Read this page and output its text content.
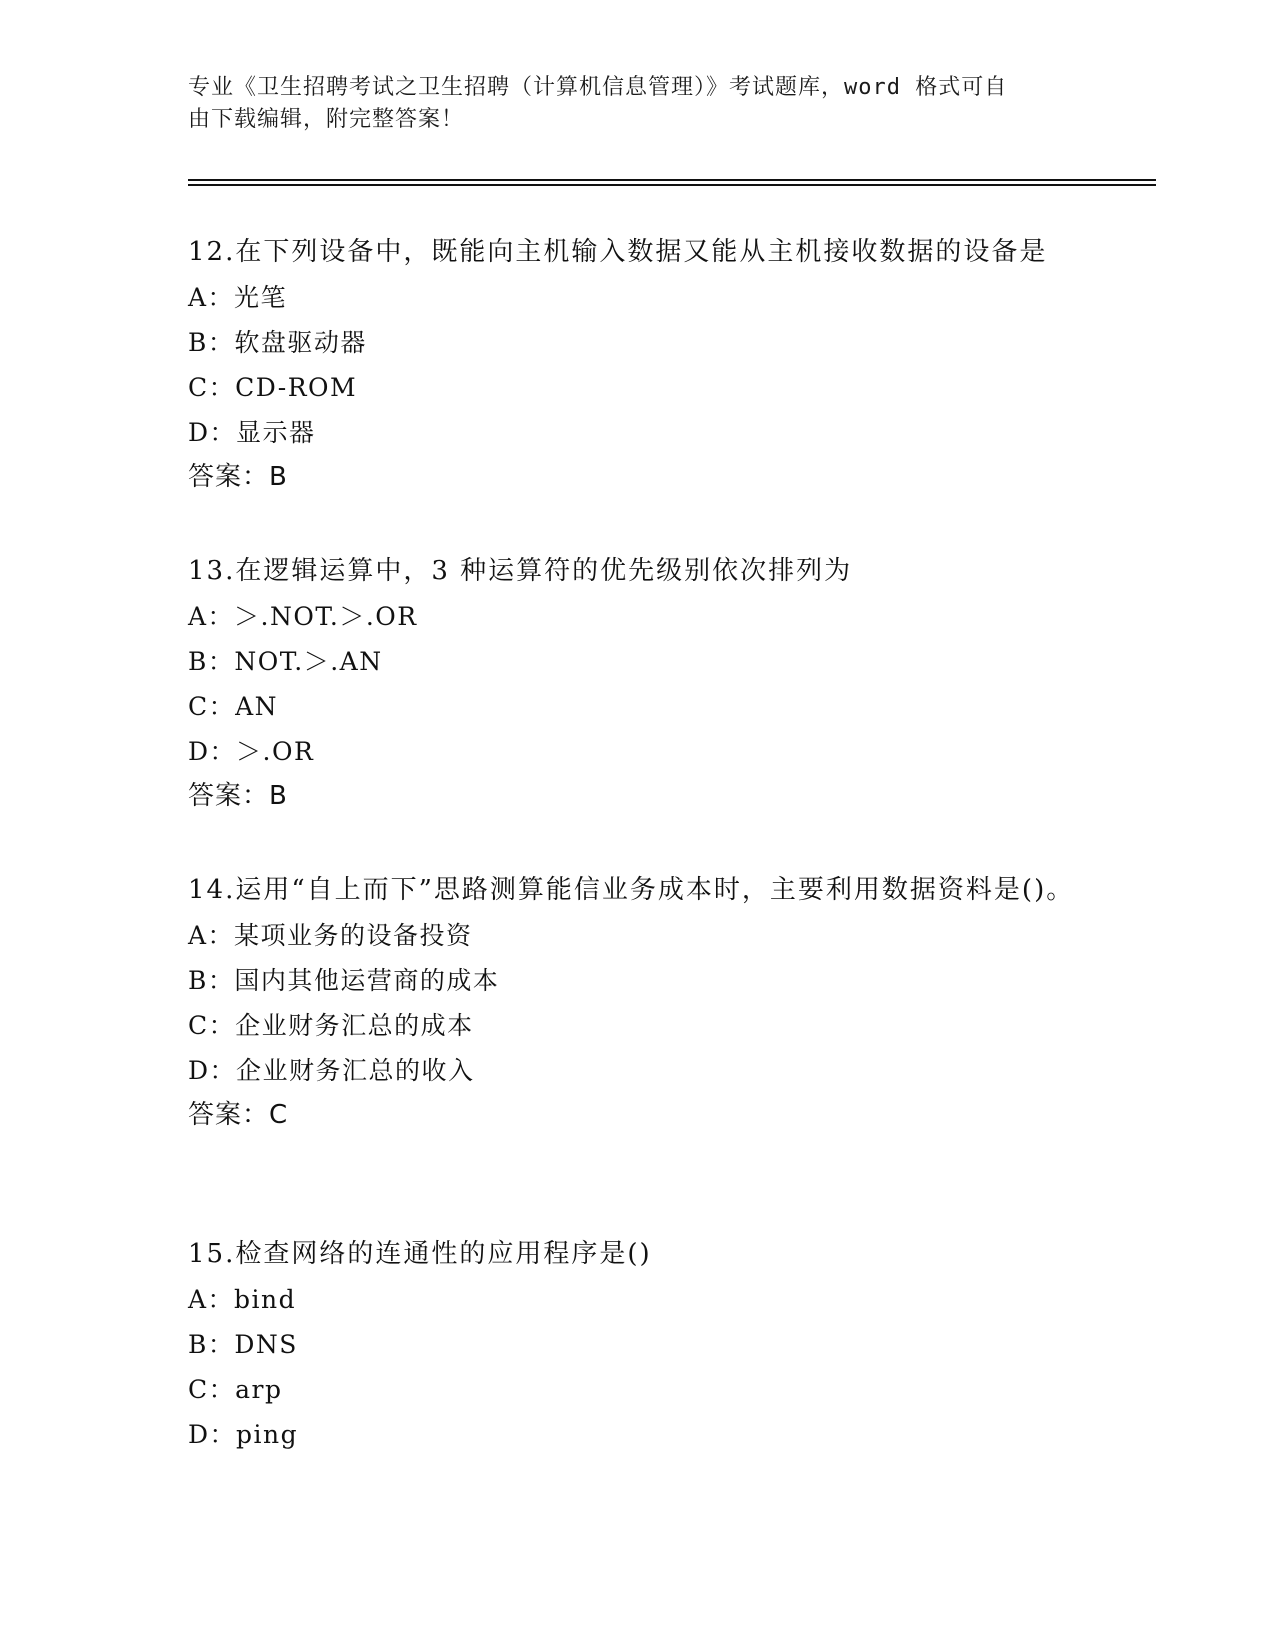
专业《卫生招聘考试之卫生招聘（计算机信息管理）》考试题库，word 格式可自
由下载编辑，附完整答案！

12.在下列设备中，既能向主机输入数据又能从主机接收数据的设备是

A：光笔

B：软盘驱动器

C：CD-ROM

D：显示器

答案：B

13.在逻辑运算中，3 种运算符的优先级别依次排列为

A：＞.NOT.＞.OR

B：NOT.＞.AN

C：AN

D：＞.OR

答案：B

14.运用“自上而下”思路测算能信业务成本时，主要利用数据资料是()。

A：某项业务的设备投资

B：国内其他运营商的成本

C：企业财务汇总的成本

D：企业财务汇总的收入

答案：C

15.检查网络的连通性的应用程序是()

A：bind

B：DNS

C：arp

D：ping
